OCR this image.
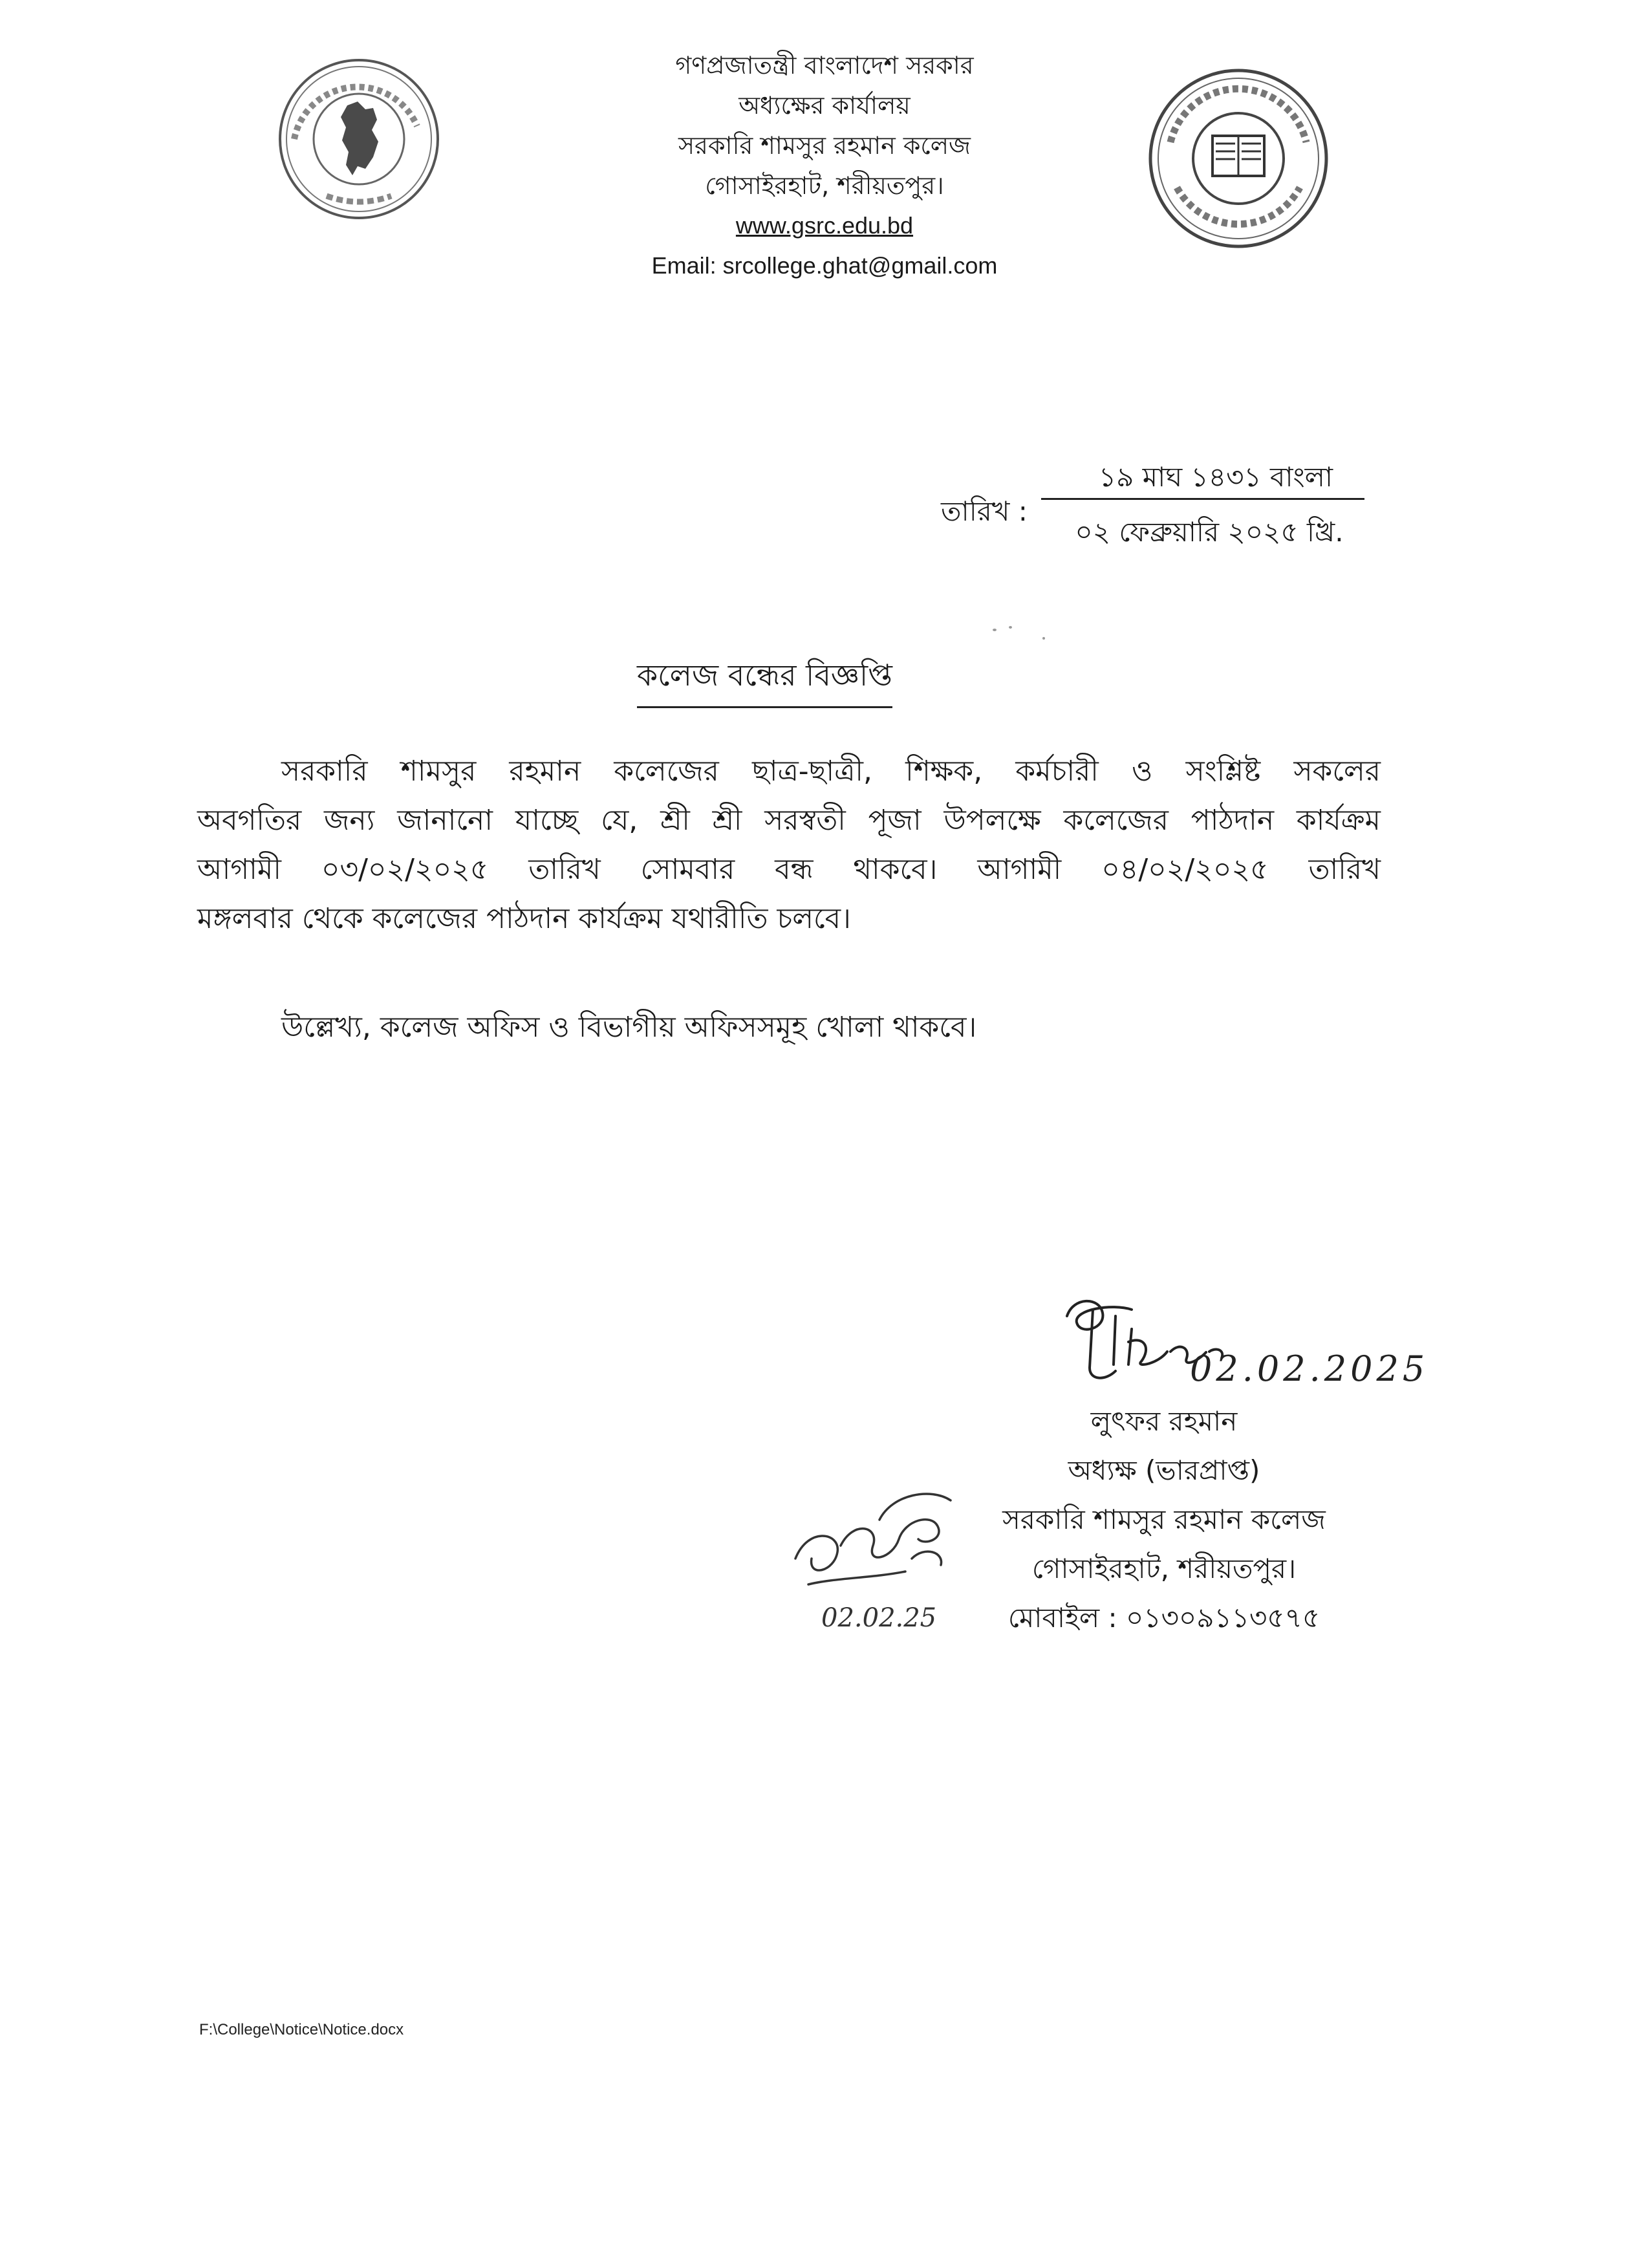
গণপ্রজাতন্ত্রী বাংলাদেশ সরকার
অধ্যক্ষের কার্যালয়
সরকারি শামসুর রহমান কলেজ
গোসাইরহাট, শরীয়তপুর।
www.gsrc.edu.bd
Email: srcollege.ghat@gmail.com
তারিখ :
১৯ মাঘ ১৪৩১ বাংলা
০২ ফেব্রুয়ারি ২০২৫ খ্রি.
কলেজ বন্ধের বিজ্ঞপ্তি
সরকারি শামসুর রহমান কলেজের ছাত্র-ছাত্রী, শিক্ষক, কর্মচারী ও সংশ্লিষ্ট সকলের
অবগতির জন্য জানানো যাচ্ছে যে, শ্রী শ্রী সরস্বতী পূজা উপলক্ষে কলেজের পাঠদান কার্যক্রম
আগামী ০৩/০২/২০২৫ তারিখ সোমবার বন্ধ থাকবে। আগামী ০৪/০২/২০২৫ তারিখ
মঙ্গলবার থেকে কলেজের পাঠদান কার্যক্রম যথারীতি চলবে।
উল্লেখ্য, কলেজ অফিস ও বিভাগীয় অফিসসমূহ খোলা থাকবে।
02.02.2025
লুৎফর রহমান
অধ্যক্ষ (ভারপ্রাপ্ত)
সরকারি শামসুর রহমান কলেজ
গোসাইরহাট, শরীয়তপুর।
মোবাইল : ০১৩০৯১১৩৫৭৫
02.02.25
F:\College\Notice\Notice.docx
